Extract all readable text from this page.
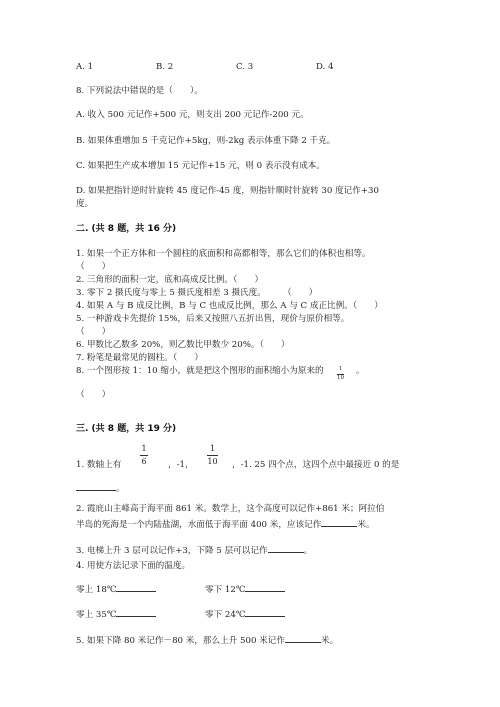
A. 1	B. 2	C. 3	D. 4
8. 下列说法中错误的是（　　）。
A. 收入 500 元记作+500 元，则支出 200 元记作-200 元。
B. 如果体重增加 5 千克记作+5kg，则-2kg 表示体重下降 2 千克。
C. 如果把生产成本增加 15 元记作+15 元，则 0 表示没有成本。
D. 如果把指针逆时针旋转 45 度记作-45 度，则指针顺时针旋转 30 度记作+30
度。
二. (共 8 题，共 16 分)
1. 如果一个正方体和一个圆柱的底面积和高都相等，那么它们的体积也相等。
（　　）
2. 三角形的面积一定，底和高成反比例。（　　）
3. 零下 2 摄氏度与零上 5 摄氏度相差 3 摄氏度。　　　（　　）
4. 如果 A 与 B 成反比例，B 与 C 也成反比例，那么 A 与 C 成正比例。（　　）
5. 一种游戏卡先提价 15%，后来又按照八五折出售，现价与原价相等。
（　　）
6. 甲数比乙数多 20%，则乙数比甲数少 20%。（　　）
7. 粉笔是最常见的圆柱。（　　）
8. 一个图形按 1：10 缩小，就是把这个图形的面积缩小为原来的	1
10
。
（　　）
三. (共 8 题，共 19 分)
1. 数轴上有
1
6 ，-1，
1
10 ，-1. 25 四个点，这四个点中最接近 0 的是
。
2. 霞庇山主峰高于海平面 861 米。数学上，这个高度可以记作+861 米；阿拉伯
半岛的死海是一个内陆盐湖，水面低于海平面 400 米，应该记作	米。
3. 电梯上升 3 层可以记作+3，下降 5 层可以记作	。
4. 用使方法记录下面的温度。
零上 18℃	零下 12℃
零上 35℃	零下 24℃
5. 如果下降 80 米记作－80 米，那么上升 500 米记作	米。
